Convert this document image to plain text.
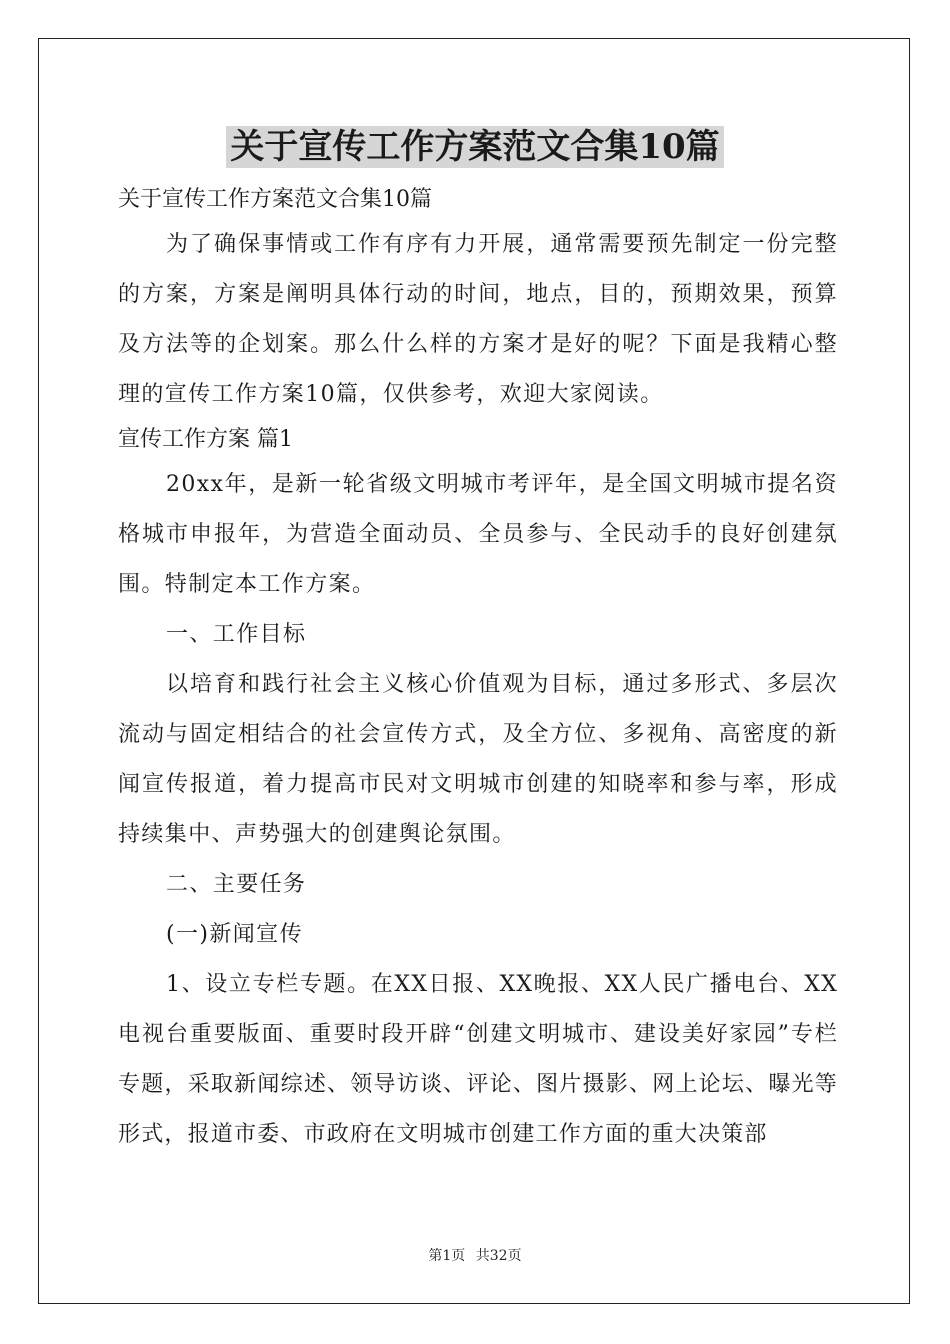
关于宣传工作方案范文合集10篇

关于宣传工作方案范文合集10篇

为了确保事情或工作有序有力开展，通常需要预先制定一份完整的方案，方案是阐明具体行动的时间，地点，目的，预期效果，预算及方法等的企划案。那么什么样的方案才是好的呢？下面是我精心整理的宣传工作方案10篇，仅供参考，欢迎大家阅读。

宣传工作方案 篇1

20xx年，是新一轮省级文明城市考评年，是全国文明城市提名资格城市申报年，为营造全面动员、全员参与、全民动手的良好创建氛围。特制定本工作方案。

一、工作目标

以培育和践行社会主义核心价值观为目标，通过多形式、多层次流动与固定相结合的社会宣传方式，及全方位、多视角、高密度的新闻宣传报道，着力提高市民对文明城市创建的知晓率和参与率，形成持续集中、声势强大的创建舆论氛围。

二、主要任务

(一)新闻宣传

1、设立专栏专题。在XX日报、XX晚报、XX人民广播电台、XX电视台重要版面、重要时段开辟“创建文明城市、建设美好家园”专栏专题，采取新闻综述、领导访谈、评论、图片摄影、网上论坛、曝光等形式，报道市委、市政府在文明城市创建工作方面的重大决策部

第1页 共32页
